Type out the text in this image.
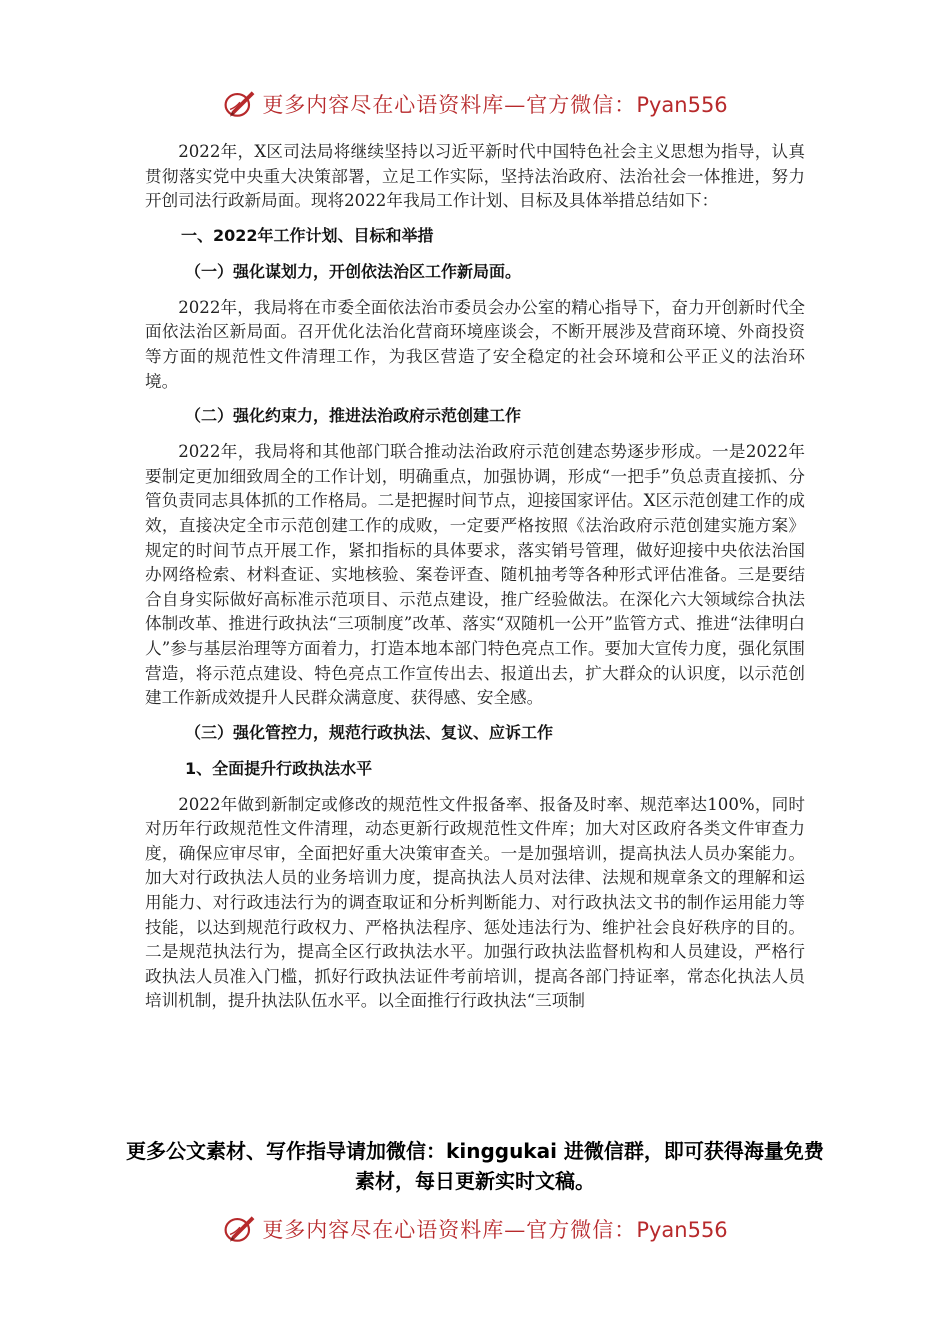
更多内容尽在心语资料库—官方微信：Pyan556

2022年，X区司法局将继续坚持以习近平新时代中国特色社会主义思想为指导，认真贯彻落实党中央重大决策部署，立足工作实际，坚持法治政府、法治社会一体推进，努力开创司法行政新局面。现将2022年我局工作计划、目标及具体举措总结如下：

一、2022年工作计划、目标和举措
（一）强化谋划力，开创依法治区工作新局面。

2022年，我局将在市委全面依法治市委员会办公室的精心指导下，奋力开创新时代全面依法治区新局面。召开优化法治化营商环境座谈会，不断开展涉及营商环境、外商投资等方面的规范性文件清理工作，为我区营造了安全稳定的社会环境和公平正义的法治环境。

（二）强化约束力，推进法治政府示范创建工作

2022年，我局将和其他部门联合推动法治政府示范创建态势逐步形成。一是2022年要制定更加细致周全的工作计划，明确重点，加强协调，形成“一把手”负总责直接抓、分管负责同志具体抓的工作格局。二是把握时间节点，迎接国家评估。X区示范创建工作的成效，直接决定全市示范创建工作的成败，一定要严格按照《法治政府示范创建实施方案》规定的时间节点开展工作，紧扣指标的具体要求，落实销号管理，做好迎接中央依法治国办网络检索、材料查证、实地核验、案卷评查、随机抽考等各种形式评估准备。三是要结合自身实际做好高标准示范项目、示范点建设，推广经验做法。在深化六大领域综合执法体制改革、推进行政执法“三项制度”改革、落实“双随机一公开”监管方式、推进“法律明白人”参与基层治理等方面着力，打造本地本部门特色亮点工作。要加大宣传力度，强化氛围营造，将示范点建设、特色亮点工作宣传出去、报道出去，扩大群众的认识度，以示范创建工作新成效提升人民群众满意度、获得感、安全感。

（三）强化管控力，规范行政执法、复议、应诉工作
1、全面提升行政执法水平

2022年做到新制定或修改的规范性文件报备率、报备及时率、规范率达100%，同时对历年行政规范性文件清理，动态更新行政规范性文件库；加大对区政府各类文件审查力度，确保应审尽审，全面把好重大决策审查关。一是加强培训，提高执法人员办案能力。加大对行政执法人员的业务培训力度，提高执法人员对法律、法规和规章条文的理解和运用能力、对行政违法行为的调查取证和分析判断能力、对行政执法文书的制作运用能力等技能，以达到规范行政权力、严格执法程序、惩处违法行为、维护社会良好秩序的目的。二是规范执法行为，提高全区行政执法水平。加强行政执法监督机构和人员建设，严格行政执法人员准入门槛，抓好行政执法证件考前培训，提高各部门持证率，常态化执法人员培训机制，提升执法队伍水平。以全面推行行政执法“三项制

更多公文素材、写作指导请加微信：kinggukai 进微信群，即可获得海量免费素材，每日更新实时文稿。
更多内容尽在心语资料库—官方微信：Pyan556
